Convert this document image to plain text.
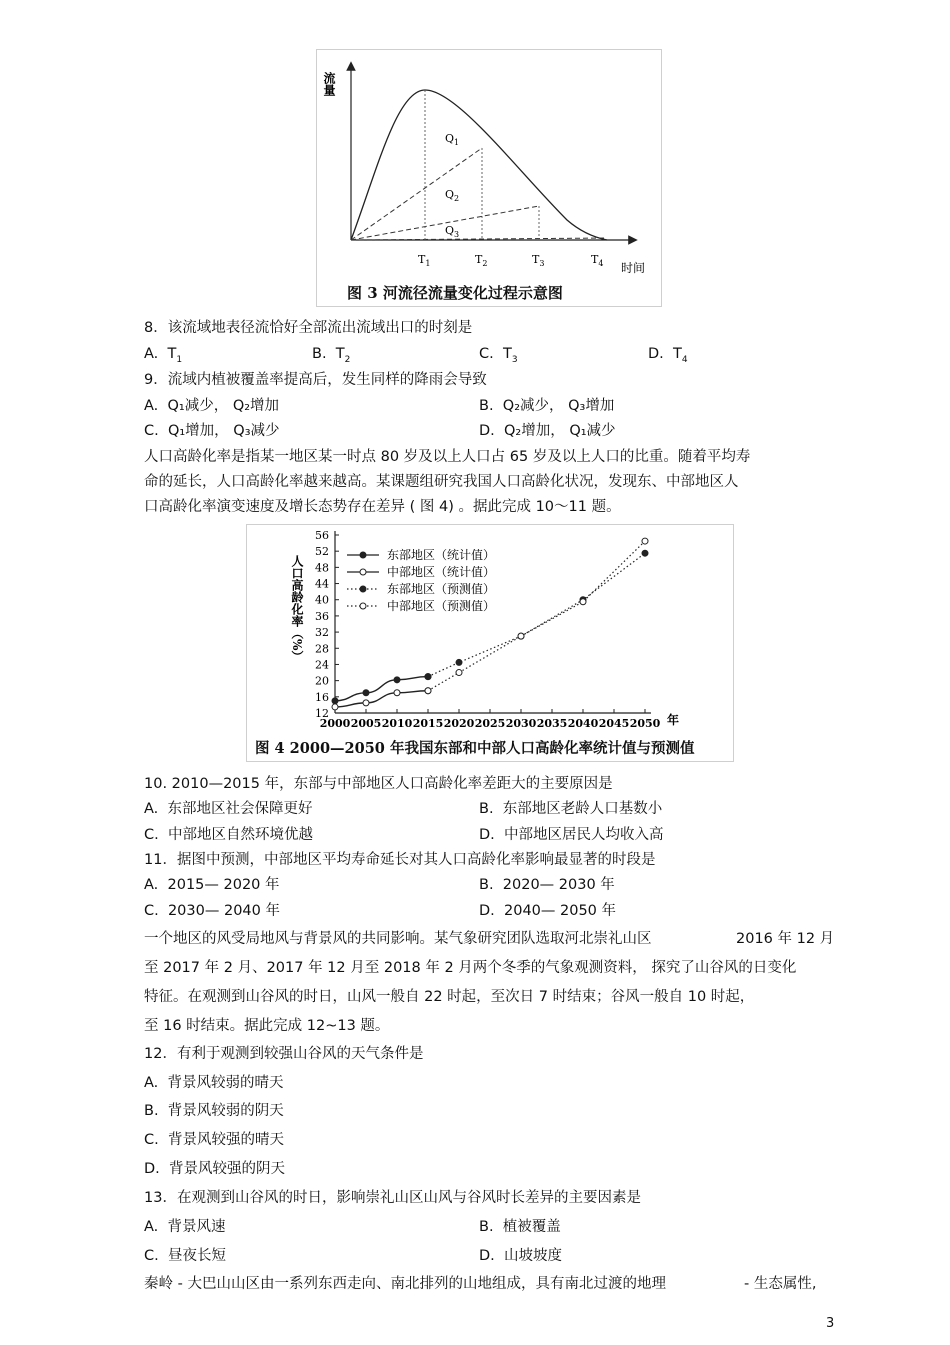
流量
$Q_1$
$Q_2$
$Q_3$
$T_1$	$T_2$	$T_3$	$T_4$ 时间
图 3 河流径流量变化过程示意图
8．该流域地表径流恰好全部流出流域出口的时刻是
A. $T_1$	B. $T_2$	C. $T_3$	D. $T_4$
9．流域内植被覆盖率提高后，发生同样的降雨会导致
A. Q₁减少， Q₂增加	B. Q₂减少， Q₃增加
C. Q₁增加， Q₃减少	D. Q₂增加， Q₁减少
人口高龄化率是指某一地区某一时点 80 岁及以上人口占 65 岁及以上人口的比重。随着平均寿
命的延长，人口高龄化率越来越高。某课题组研究我国人口高龄化状况，发现东、中部地区人
口高龄化率演变速度及增长态势存在差异 ( 图 4) 。据此完成 10～11 题。
人口高龄化率（%）
12
16
20
24
28
32
36
40
44
48
52
56
2000 2005 2010 2015 2020 2025 2030 2035 2040 2045 2050
东部地区（统计值）
中部地区（统计值）
东部地区（预测值）
中部地区（预测值）
年
图 4 2000—2050 年我国东部和中部人口高龄化率统计值与预测值
10. 2010—2015 年，东部与中部地区人口高龄化率差距大的主要原因是
A. 东部地区社会保障更好	B. 东部地区老龄人口基数小
C. 中部地区自然环境优越	D. 中部地区居民人均收入高
11．据图中预测，中部地区平均寿命延长对其人口高龄化率影响最显著的时段是
A. 2015— 2020 年	B. 2020— 2030 年
C. 2030— 2040 年	D. 2040— 2050 年
一个地区的风受局地风与背景风的共同影响。某气象研究团队选取河北崇礼山区	2016 年 12 月
至 2017 年 2 月、2017 年 12 月至 2018 年 2 月两个冬季的气象观测资料， 探究了山谷风的日变化
特征。在观测到山谷风的时日，山风一般自 22 时起，至次日 7 时结束；谷风一般自 10 时起，
至 16 时结束。据此完成 12~13 题。
12．有利于观测到较强山谷风的天气条件是
A. 背景风较弱的晴天
B. 背景风较弱的阴天
C. 背景风较强的晴天
D. 背景风较强的阴天
13．在观测到山谷风的时日，影响崇礼山区山风与谷风时长差异的主要因素是
A. 背景风速	B. 植被覆盖
C. 昼夜长短	D. 山坡坡度
秦岭 - 大巴山山区由一系列东西走向、南北排列的山地组成，具有南北过渡的地理	- 生态属性,
3
